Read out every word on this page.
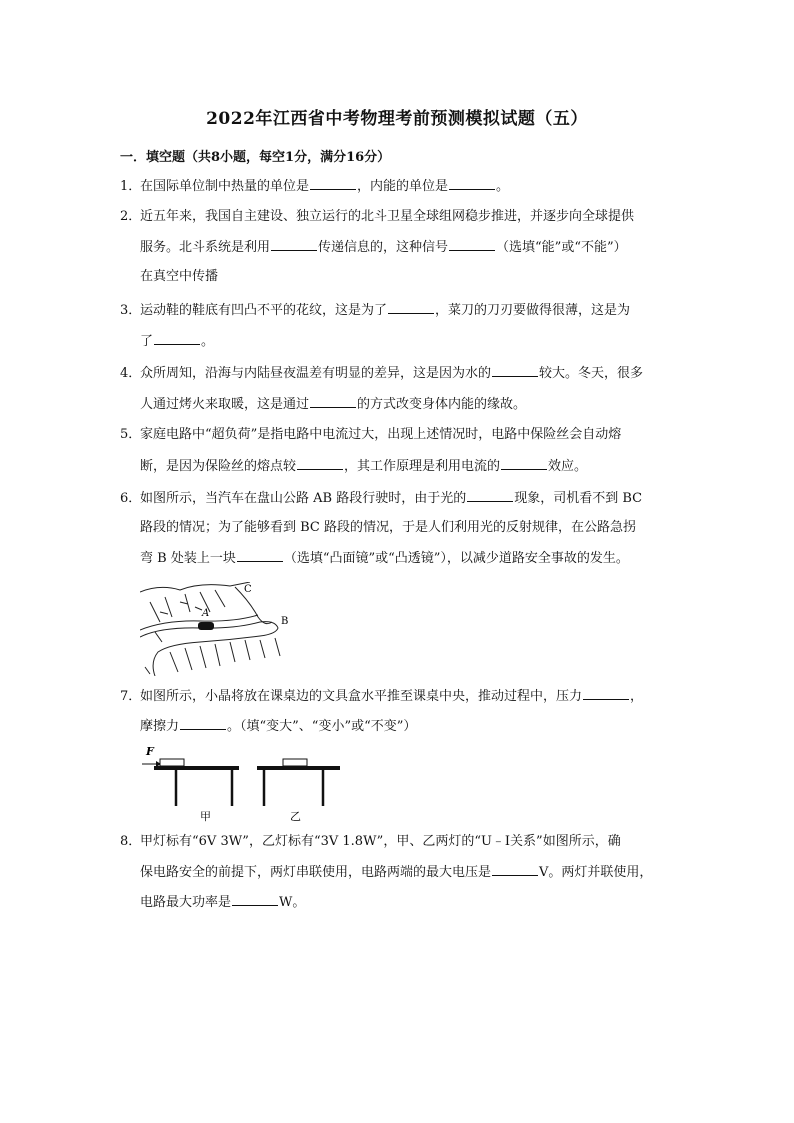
2022年江西省中考物理考前预测模拟试题（五）
一．填空题（共8小题，每空1分，满分16分）
1．在国际单位制中热量的单位是	，内能的单位是	。
2．近五年来，我国自主建设、独立运行的北斗卫星全球组网稳步推进，并逐步向全球提供
服务。北斗系统是利用	传递信息的，这种信号	（选填“能”或“不能”）
在真空中传播
3．运动鞋的鞋底有凹凸不平的花纹，这是为了	，菜刀的刀刃要做得很薄，这是为
了	。
4．众所周知，沿海与内陆昼夜温差有明显的差异，这是因为水的	较大。冬天，很多
人通过烤火来取暖，这是通过	的方式改变身体内能的缘故。
5．家庭电路中“超负荷”是指电路中电流过大，出现上述情况时，电路中保险丝会自动熔
断，是因为保险丝的熔点较	，其工作原理是利用电流的	效应。
6．如图所示，当汽车在盘山公路 AB 路段行驶时，由于光的	现象，司机看不到 BC
路段的情况；为了能够看到 BC 路段的情况，于是人们利用光的反射规律，在公路急拐
弯 B 处装上一块	（选填“凸面镜”或“凸透镜”），以减少道路安全事故的发生。
A
B
C
7．如图所示，小晶将放在课桌边的文具盒水平推至课桌中央，推动过程中，压力	，
摩擦力	。（填“变大”、“变小”或“不变”）
F
甲	乙
8．甲灯标有“6V 3W”，乙灯标有“3V 1.8W”，甲、乙两灯的“U﹣I关系”如图所示，确
保电路安全的前提下，两灯串联使用，电路两端的最大电压是	V。两灯并联使用，
电路最大功率是	W。
